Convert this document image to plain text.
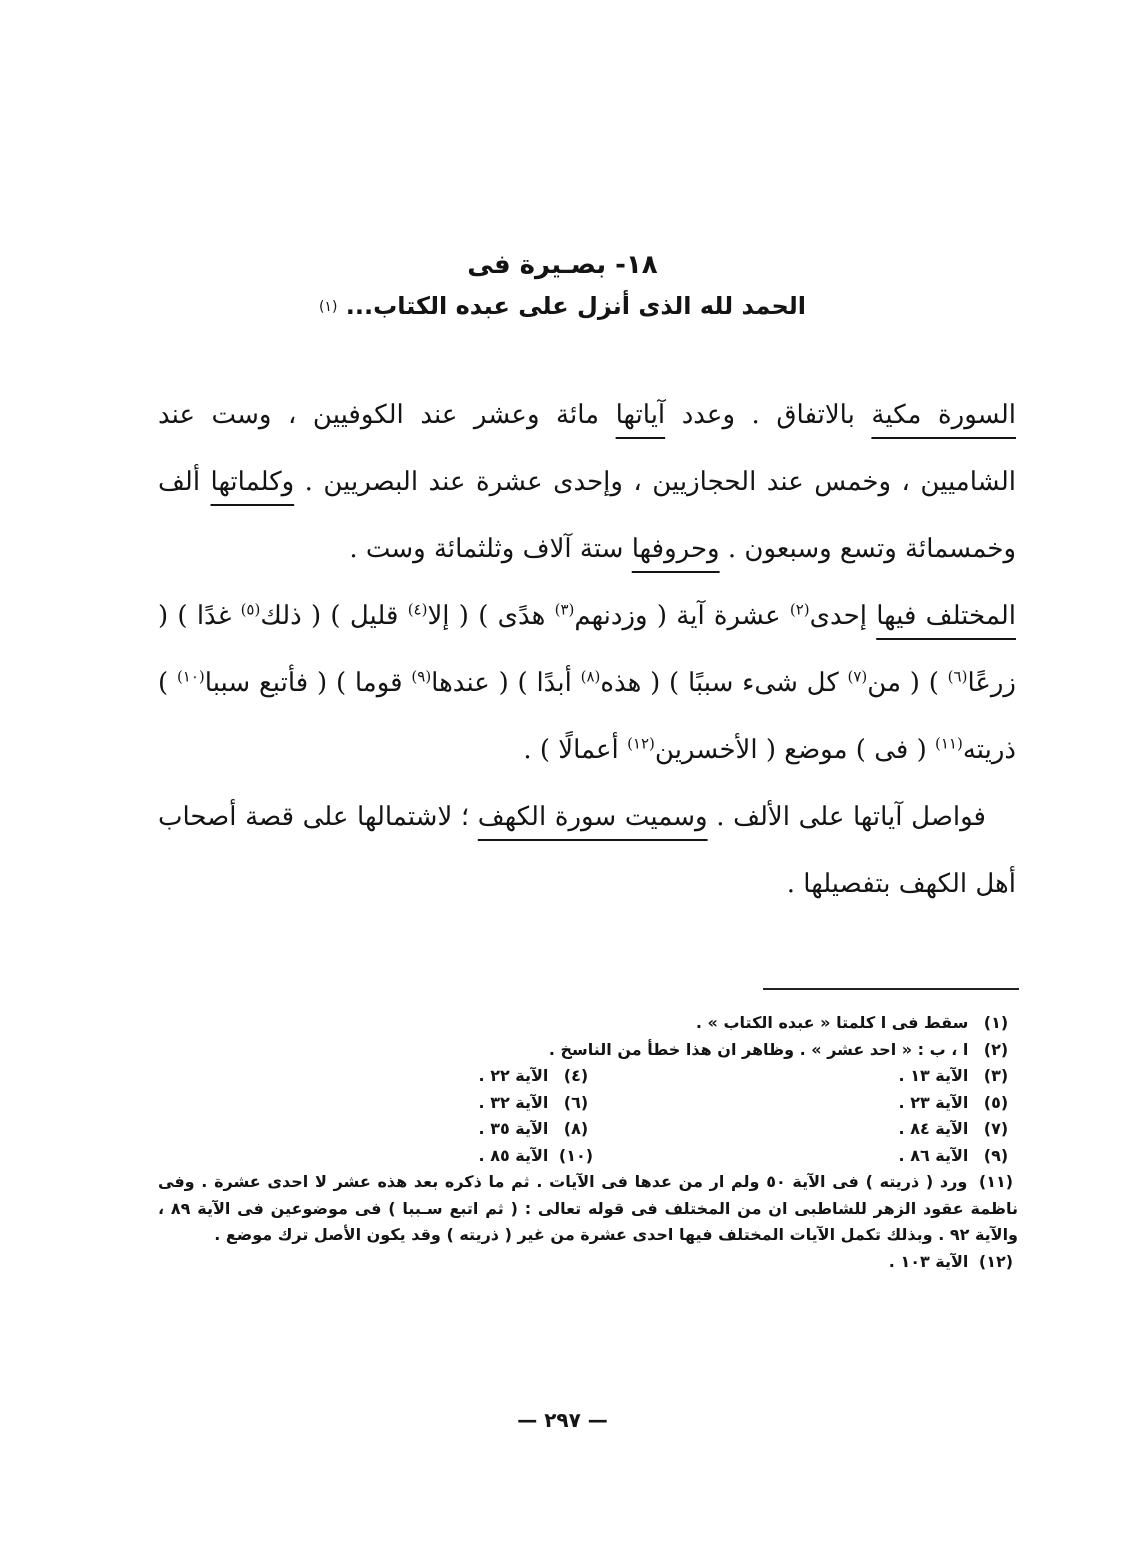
١٨- بصـيرة فى
الحمد لله الذى أنزل على عبده الكتاب... (١)

السورة مكية بالاتفاق . وعدد آياتها مائة وعشر عند الكوفيين ، وست عند الشاميين ، وخمس عند الحجازيين ، وإحدى عشرة عند البصريين . وكلماتها ألف وخمسمائة وتسع وسبعون . وحروفها ستة آلاف وثلثمائة وست .

المختلف فيها إحدى$^{(٢)}$ عشرة آية ( وزدنهم$^{(٣)}$ هدًى ) ( إلا$^{(٤)}$ قليل ) ( ذلك$^{(٥)}$ غدًا ) ( زرعًا$^{(٦)}$ ) ( من$^{(٧)}$ كل شىء سببًا ) ( هذه$^{(٨)}$ أبدًا ) ( عندها$^{(٩)}$ قوما ) ( فأتبع سببا$^{(١٠)}$ ) ذريته$^{(١١)}$ ( فى ) موضع ( الأخسرين$^{(١٢)}$ أعمالًا ) .

فواصل آياتها على الألف . وسميت سورة الكهف ؛ لاشتمالها على قصة أصحاب أهل الكهف بتفصيلها .

(١) سقط فى ا كلمتا « عبده الكتاب » .
(٢) ا ، ب : « احد عشر » . وظاهر ان هذا خطأ من الناسخ .
(٣) الآية ١٣ .
(٤) الآية ٢٢ .
(٥) الآية ٢٣ .
(٦) الآية ٣٢ .
(٧) الآية ٨٤ .
(٨) الآية ٣٥ .
(٩) الآية ٨٦ .
(١٠) الآية ٨٥ .
(١١) ورد ( ذريته ) فى الآية ٥٠ ولم ار من عدها فى الآيات . ثم ما ذكره بعد هذه عشر لا احدى عشرة . وفى ناظمة عقود الزهر للشاطبى ان من المختلف فى قوله تعالى : ( ثم اتبع سـببا ) فى موضوعين فى الآية ٨٩ ، والآية ٩٢ . وبذلك تكمل الآيات المختلف فيها احدى عشرة من غير ( ذريته ) وقد يكون الأصل ترك موضع .
(١٢) الآية ١٠٣ .
— ٢٩٧ —
